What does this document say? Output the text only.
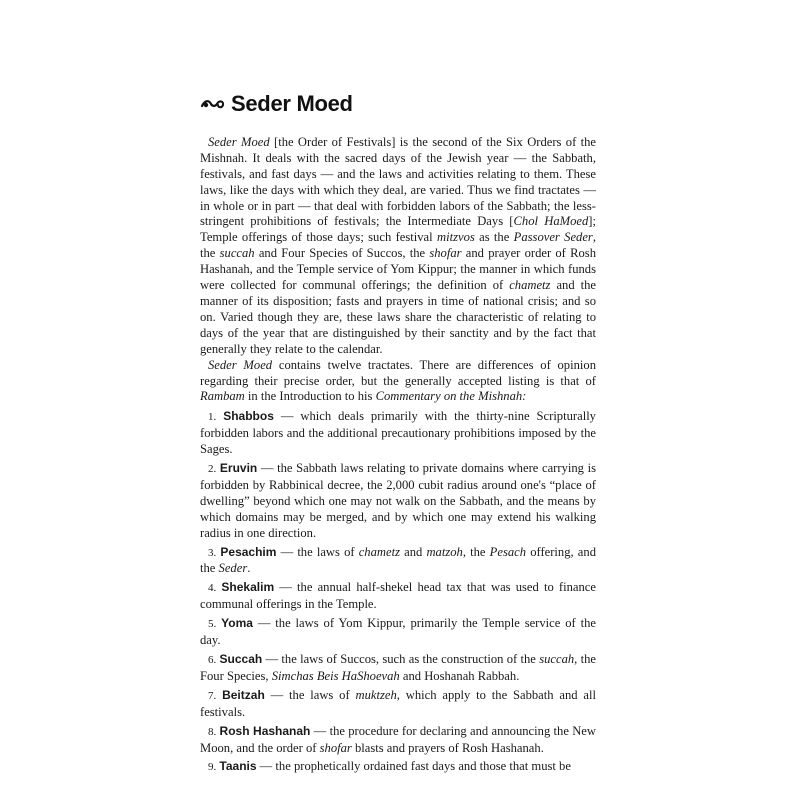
Seder Moed

Seder Moed [the Order of Festivals] is the second of the Six Orders of the Mishnah. It deals with the sacred days of the Jewish year — the Sabbath, festivals, and fast days — and the laws and activities relating to them. These laws, like the days with which they deal, are varied. Thus we find tractates — in whole or in part — that deal with forbidden labors of the Sabbath; the less-stringent prohibitions of festivals; the Intermediate Days [Chol HaMoed]; Temple offerings of those days; such festival mitzvos as the Passover Seder, the succah and Four Species of Succos, the shofar and prayer order of Rosh Hashanah, and the Temple service of Yom Kippur; the manner in which funds were collected for communal offerings; the definition of chametz and the manner of its disposition; fasts and prayers in time of national crisis; and so on. Varied though they are, these laws share the characteristic of relating to days of the year that are distinguished by their sanctity and by the fact that generally they relate to the calendar.

Seder Moed contains twelve tractates. There are differences of opinion regarding their precise order, but the generally accepted listing is that of Rambam in the Introduction to his Commentary on the Mishnah:

1. Shabbos — which deals primarily with the thirty-nine Scripturally forbidden labors and the additional precautionary prohibitions imposed by the Sages.

2. Eruvin — the Sabbath laws relating to private domains where carrying is forbidden by Rabbinical decree, the 2,000 cubit radius around one's “place of dwelling” beyond which one may not walk on the Sabbath, and the means by which domains may be merged, and by which one may extend his walking radius in one direction.

3. Pesachim — the laws of chametz and matzoh, the Pesach offering, and the Seder.

4. Shekalim — the annual half-shekel head tax that was used to finance communal offerings in the Temple.

5. Yoma — the laws of Yom Kippur, primarily the Temple service of the day.

6. Succah — the laws of Succos, such as the construction of the succah, the Four Species, Simchas Beis HaShoevah and Hoshanah Rabbah.

7. Beitzah — the laws of muktzeh, which apply to the Sabbath and all festivals.

8. Rosh Hashanah — the procedure for declaring and announcing the New Moon, and the order of shofar blasts and prayers of Rosh Hashanah.

9. Taanis — the prophetically ordained fast days and those that must be
